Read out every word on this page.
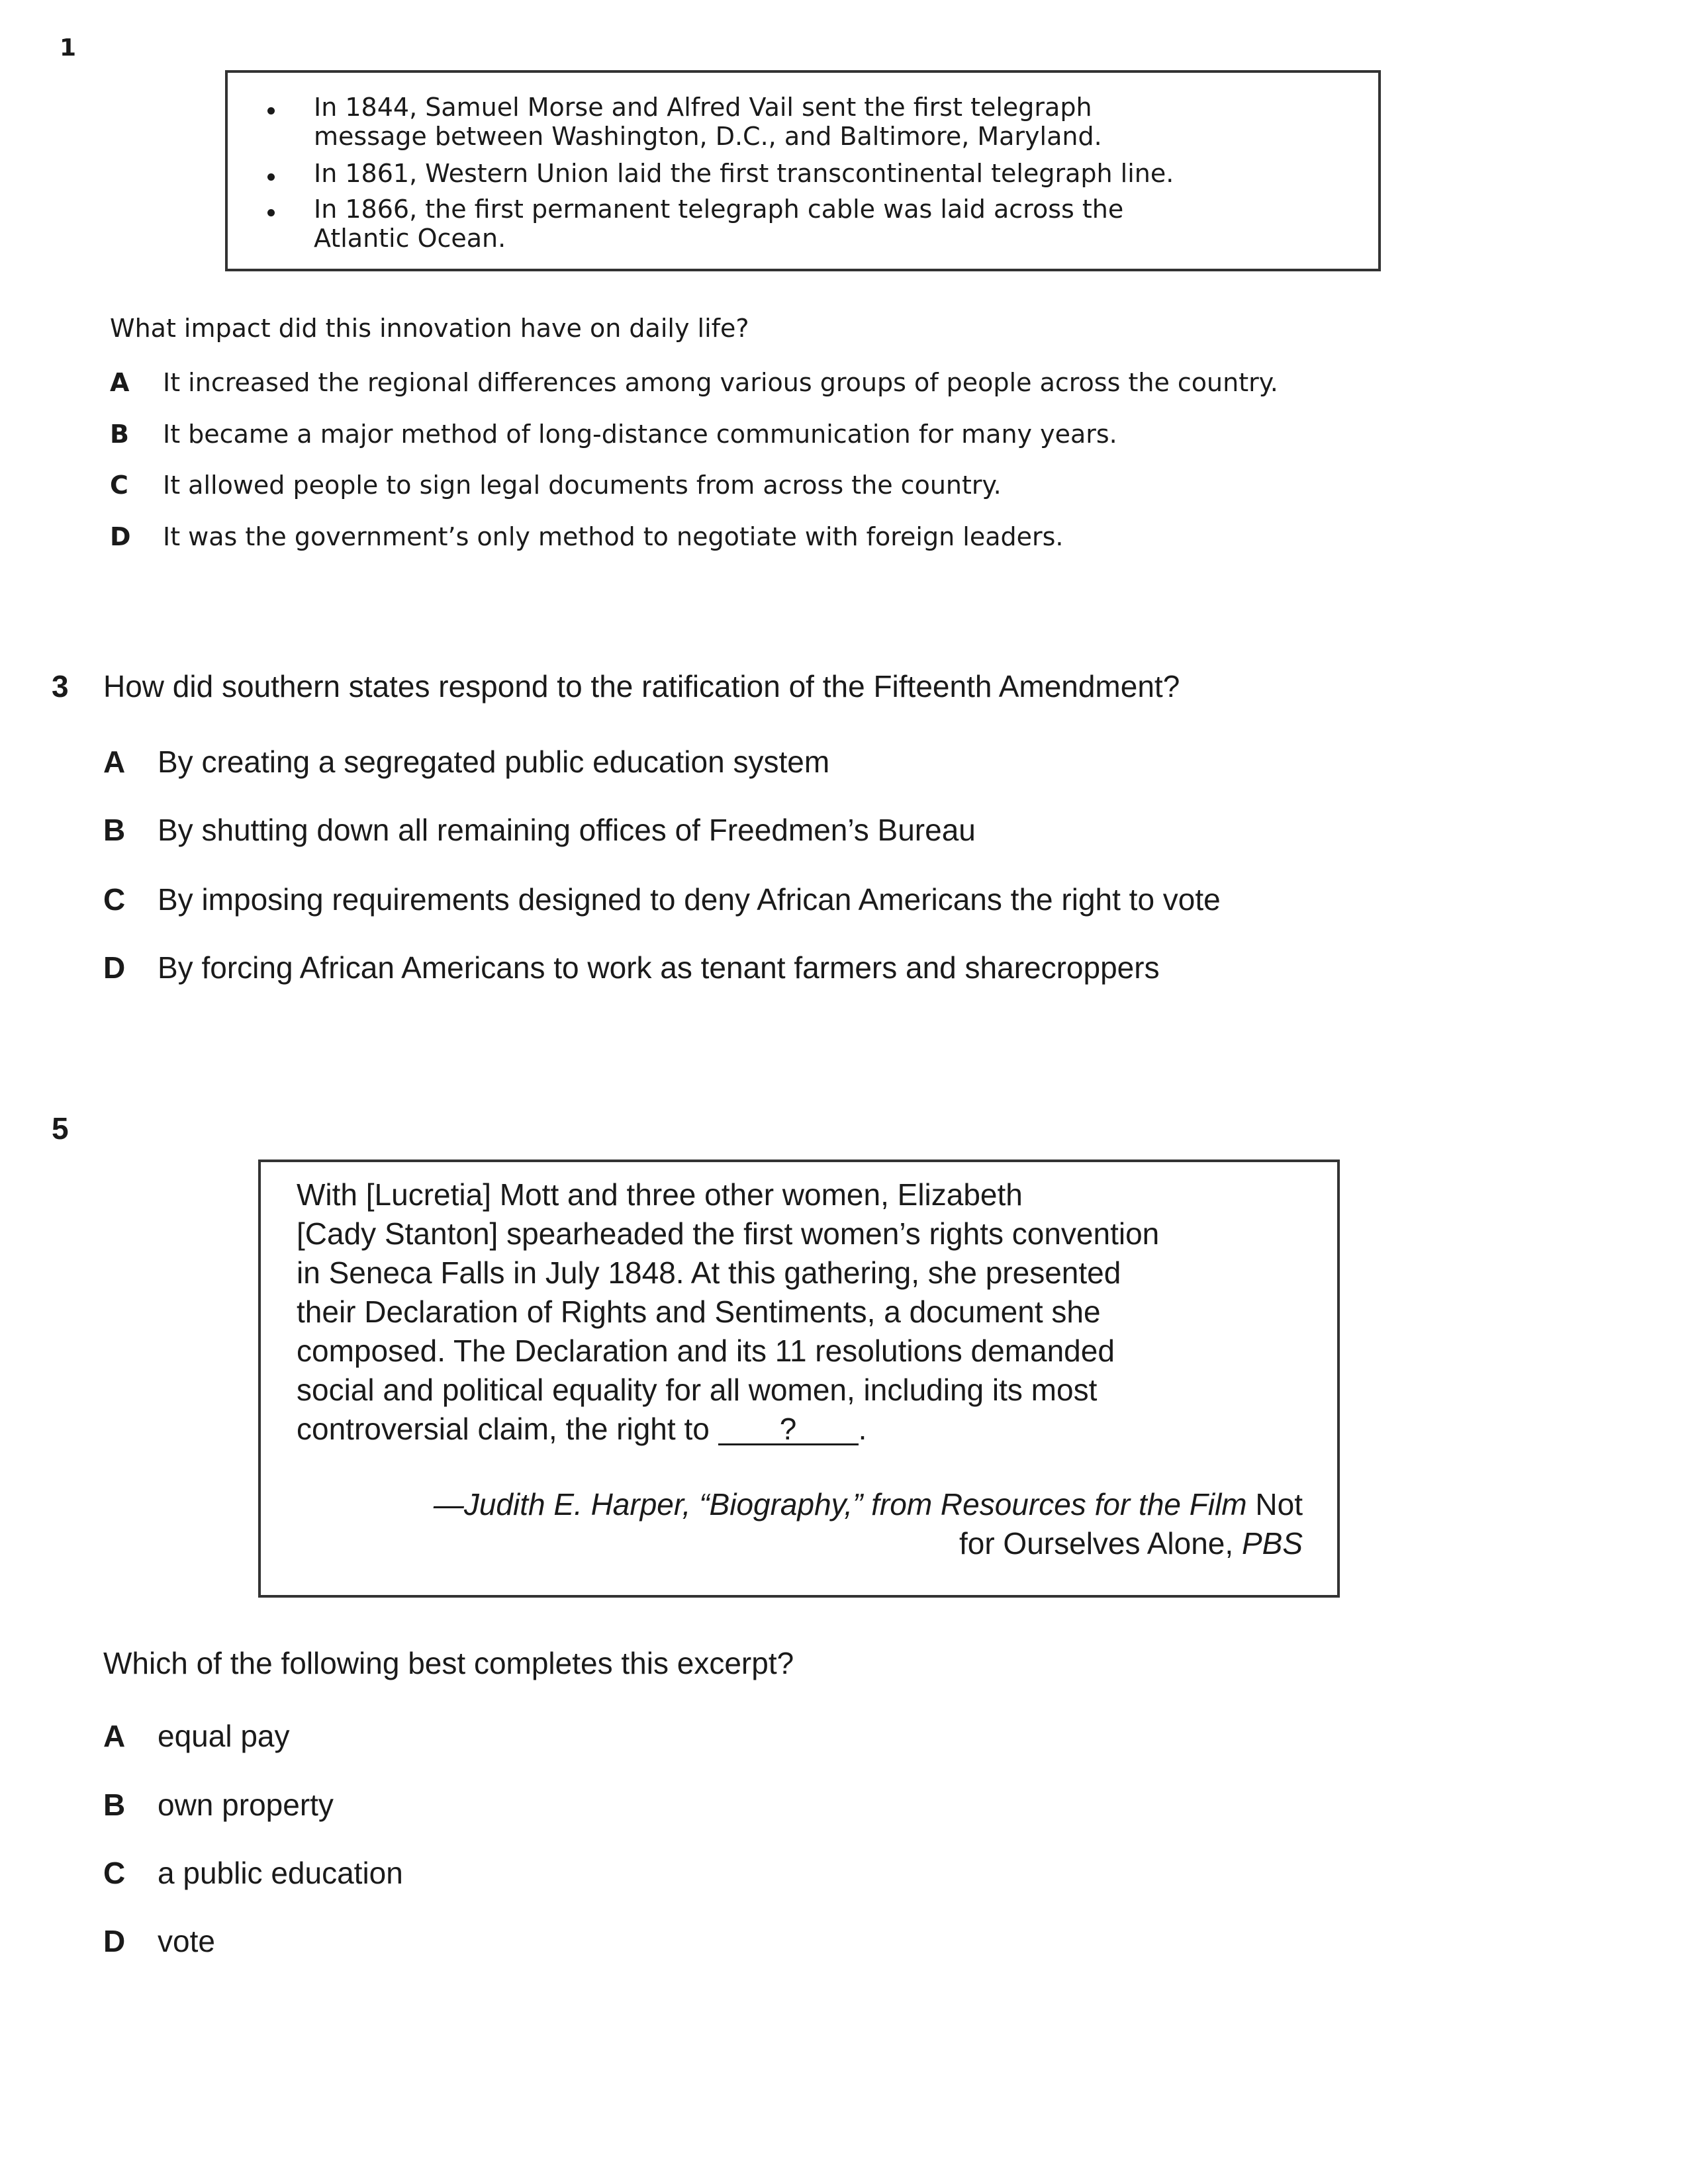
1
In 1844, Samuel Morse and Alfred Vail sent the first telegraph
message between Washington, D.C., and Baltimore, Maryland.
In 1861, Western Union laid the first transcontinental telegraph line.
In 1866, the first permanent telegraph cable was laid across the
Atlantic Ocean.
What impact did this innovation have on daily life?
A It increased the regional differences among various groups of people across the country.
B It became a major method of long-distance communication for many years.
C It allowed people to sign legal documents from across the country.
D It was the government’s only method to negotiate with foreign leaders.
3 How did southern states respond to the ratification of the Fifteenth Amendment?
A By creating a segregated public education system
B By shutting down all remaining offices of Freedmen’s Bureau
C By imposing requirements designed to deny African Americans the right to vote
D By forcing African Americans to work as tenant farmers and sharecroppers
5
With [Lucretia] Mott and three other women, Elizabeth
[Cady Stanton] spearheaded the first women’s rights convention
in Seneca Falls in July 1848. At this gathering, she presented
their Declaration of Rights and Sentiments, a document she
composed. The Declaration and its 11 resolutions demanded
social and political equality for all women, including its most
controversial claim, the right to ? .
—Judith E. Harper, “Biography,” from Resources for the Film Not
for Ourselves Alone, PBS
Which of the following best completes this excerpt?
A equal pay
B own property
C a public education
D vote
